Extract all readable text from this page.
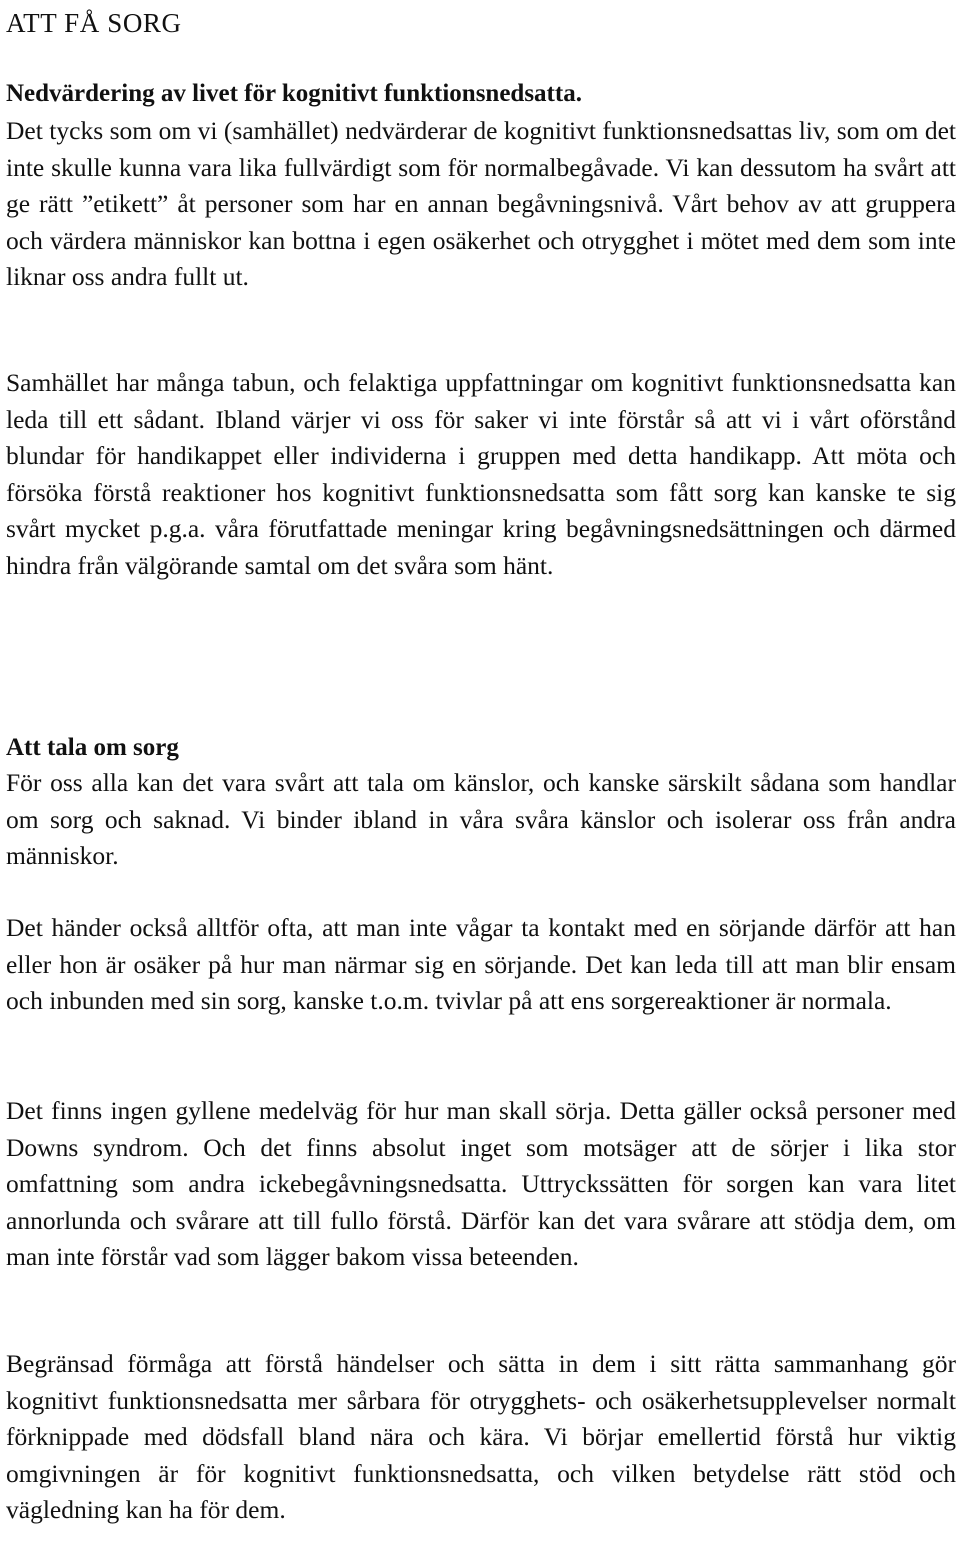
ATT FÅ SORG
Nedvärdering av livet för kognitivt funktionsnedsatta.

Det tycks som om vi (samhället) nedvärderar de kognitivt funktionsnedsattas liv, som om det inte skulle kunna vara lika fullvärdigt som för normalbegåvade. Vi kan dessutom ha svårt att ge rätt ”etikett” åt personer som har en annan begåvningsnivå. Vårt behov av att gruppera och värdera människor kan bottna i egen osäkerhet och otrygghet i mötet med dem som inte liknar oss andra fullt ut.

Samhället har många tabun, och felaktiga uppfattningar om kognitivt funktionsnedsatta kan leda till ett sådant. Ibland värjer vi oss för saker vi inte förstår så att vi i vårt oförstånd blundar för handikappet eller individerna i gruppen med detta handikapp. Att möta och försöka förstå reaktioner hos kognitivt funktionsnedsatta som fått sorg kan kanske te sig svårt mycket p.g.a. våra förutfattade meningar kring begåvningsnedsättningen och därmed hindra från välgörande samtal om det svåra som hänt.

Att tala om sorg

För oss alla kan det vara svårt att tala om känslor, och kanske särskilt sådana som handlar om sorg och saknad. Vi binder ibland in våra svåra känslor och isolerar oss från andra människor.

Det händer också alltför ofta, att man inte vågar ta kontakt med en sörjande därför att han eller hon är osäker på hur man närmar sig en sörjande. Det kan leda till att man blir ensam och inbunden med sin sorg, kanske t.o.m. tvivlar på att ens sorgereaktioner är normala.

Det finns ingen gyllene medelväg för hur man skall sörja. Detta gäller också personer med Downs syndrom. Och det finns absolut inget som motsäger att de sörjer i lika stor omfattning som andra ickebegåvningsnedsatta. Uttryckssätten för sorgen kan vara litet annorlunda och svårare att till fullo förstå. Därför kan det vara svårare att stödja dem, om man inte förstår vad som lägger bakom vissa beteenden.

Begränsad förmåga att förstå händelser och sätta in dem i sitt rätta sammanhang gör kognitivt funktionsnedsatta mer sårbara för otrygghets- och osäkerhetsupplevelser normalt förknippade med dödsfall bland nära och kära. Vi börjar emellertid förstå hur viktig omgivningen är för kognitivt funktionsnedsatta, och vilken betydelse rätt stöd och vägledning kan ha för dem.
